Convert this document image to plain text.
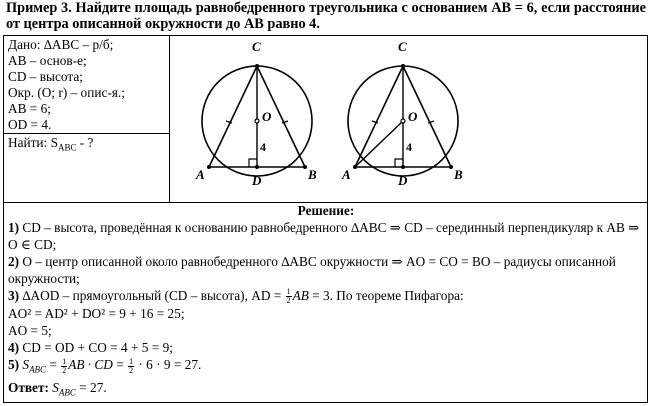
Пример 3. Найдите площадь равнобедренного треугольника с основанием AB = 6, если расстояние от центра описанной окружности до AB равно 4.
Дано: ∆ABC – р/б;
AB – основ-е;
CD – высота;
Окр. (O; r) – опис-я.;
AB = 6;
OD = 4.
Найти: $S_{ABC}$ - ?
C
O
4
A	D	B
C
O
4
A	D	B

Решение:

1) CD – высота, проведённая к основанию равнобедренного ∆ABC ⇒ CD – серединный перпендикуляр к AB ⇒ O ∈ CD;

2) O – центр описанной около равнобедренного ∆ABC окружности ⇒ AO = CO = BO – радиусы описанной окружности;

3) ∆AOD – прямоугольный (CD – высота), AD = $\frac{1}{2}$ AB = 3. По теореме Пифагора:

AO² = AD² + DO² = 9 + 16 = 25;

AO = 5;

4) CD = OD + CO = 4 + 5 = 9;

5) $S_{ABC} = \frac{1}{2}$ AB · CD = $\frac{1}{2} \cdot 6 \cdot 9 = 27$.

Ответ: $S_{ABC} = 27$.
